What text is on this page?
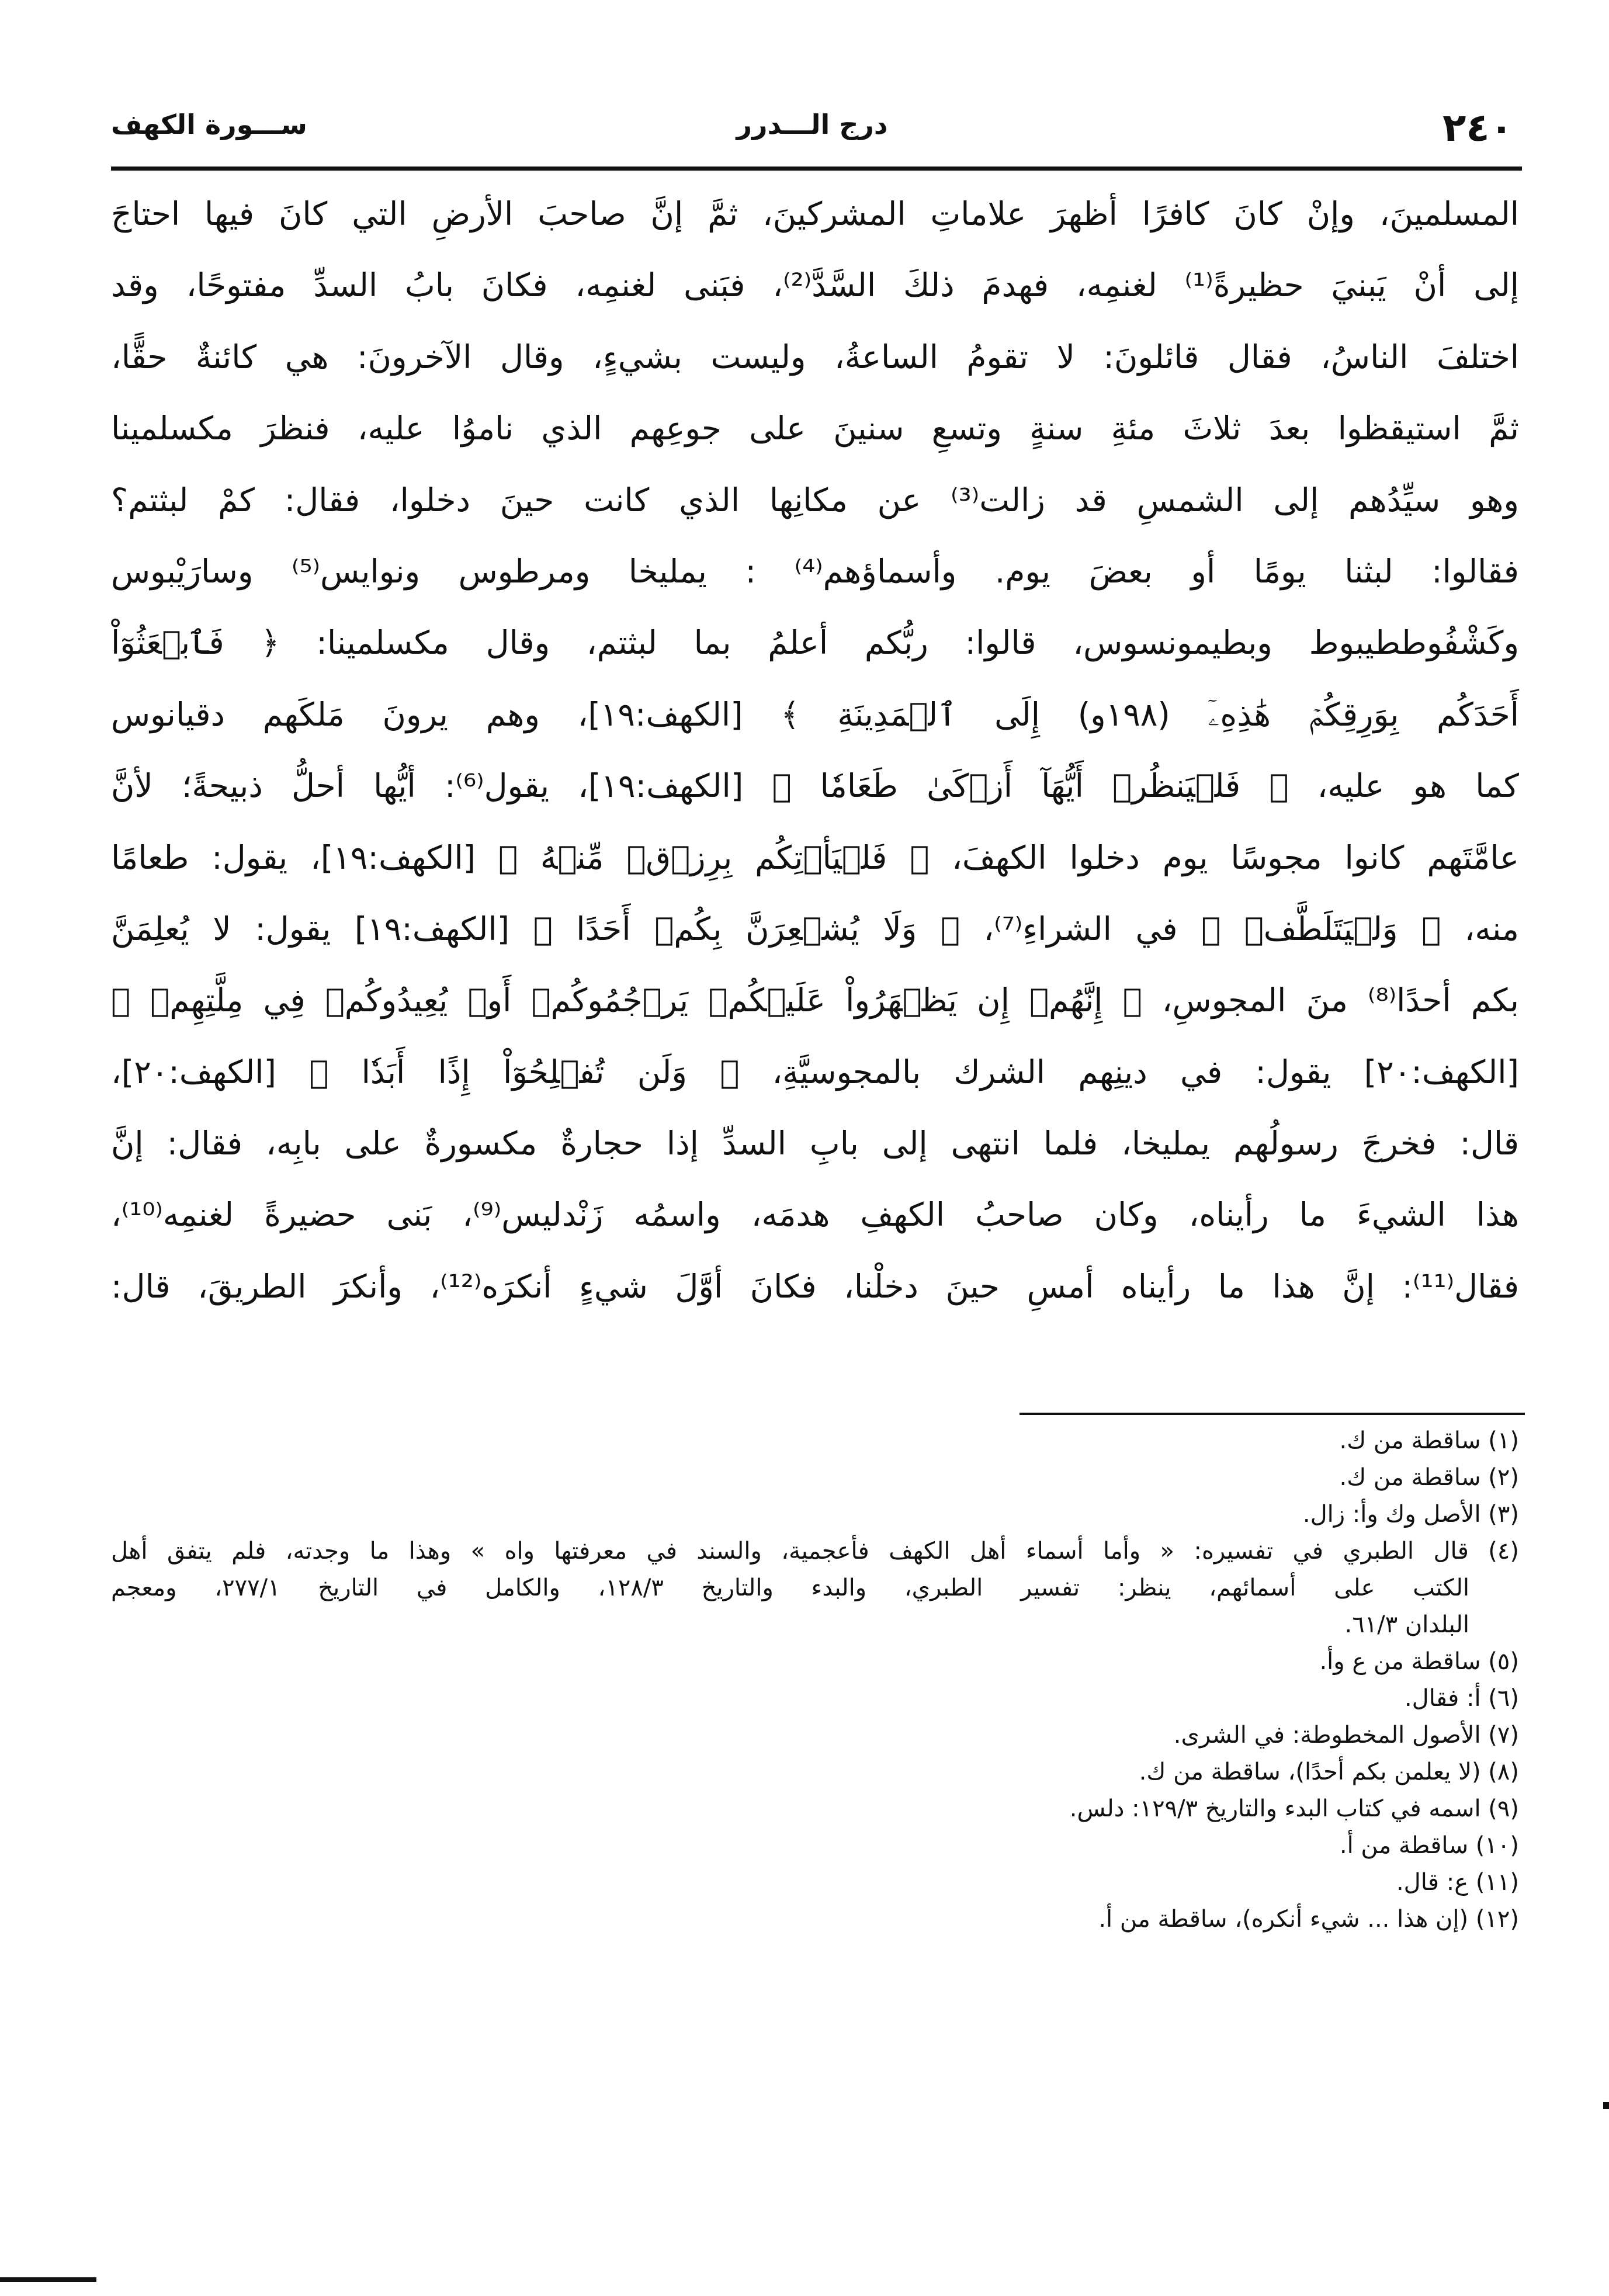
٢٤٠
درج الـــدرر
ســـورة الكهف
المسلمينَ، وإنْ كانَ كافرًا أظهرَ علاماتِ المشركينَ، ثمَّ إنَّ صاحبَ الأرضِ التي كانَ فيها احتاجَ
إلى أنْ يَبنيَ حظيرةً⁽¹⁾ لغنمِه، فهدمَ ذلكَ السَّدَّ⁽²⁾، فبَنى لغنمِه، فكانَ بابُ السدِّ مفتوحًا، وقد
اختلفَ الناسُ، فقال قائلونَ: لا تقومُ الساعةُ، وليست بشيءٍ، وقال الآخرونَ: هي كائنةٌ حقًّا،
ثمَّ استيقظوا بعدَ ثلاثَ مئةِ سنةٍ وتسعِ سنينَ على جوعِهم الذي ناموُا عليه، فنظرَ مكسلمينا
وهو سيِّدُهم إلى الشمسِ قد زالت⁽³⁾ عن مكانِها الذي كانت حينَ دخلوا، فقال: كمْ لبثتم؟
فقالوا: لبثنا يومًا أو بعضَ يوم. وأسماؤهم⁽⁴⁾ : يمليخا ومرطوس ونوايس⁽⁵⁾ وسارَيْبوس
وكَشْفُوططيبوط وبطيمونسوس، قالوا: ربُّكم أعلمُ بما لبثتم، وقال مكسلمينا: ﴿ فَٱبۡعَثُوٓاْ
أَحَدَكُم بِوَرِقِكُمۡ هَٰذِهِۦٓ (١٩٨و) إِلَى ٱلۡمَدِينَةِ ﴾ [الكهف:١٩]، وهم يرونَ مَلكَهم دقيانوس
كما هو عليه، ﴿ فَلۡيَنظُرۡ أَيُّهَآ أَزۡكَىٰ طَعَامٗا ﴾ [الكهف:١٩]، يقول⁽⁶⁾: أيُّها أحلُّ ذبيحةً؛ لأنَّ
عامَّتَهم كانوا مجوسًا يوم دخلوا الكهفَ، ﴿ فَلۡيَأۡتِكُم بِرِزۡقٖ مِّنۡهُ ﴾ [الكهف:١٩]، يقول: طعامًا
منه، ﴿ وَلۡيَتَلَطَّفۡ ﴾ في الشراءِ⁽⁷⁾، ﴿ وَلَا يُشۡعِرَنَّ بِكُمۡ أَحَدًا ﴾ [الكهف:١٩] يقول: لا يُعلِمَنَّ
بكم أحدًا⁽⁸⁾ منَ المجوسِ، ﴿ إِنَّهُمۡ إِن يَظۡهَرُواْ عَلَيۡكُمۡ يَرۡجُمُوكُمۡ أَوۡ يُعِيدُوكُمۡ فِي مِلَّتِهِمۡ ﴾
[الكهف:٢٠] يقول: في دينِهم الشرك بالمجوسيَّةِ، ﴿ وَلَن تُفۡلِحُوٓاْ إِذًا أَبَدٗا ﴾ [الكهف:٢٠]،
قال: فخرجَ رسولُهم يمليخا، فلما انتهى إلى بابِ السدِّ إذا حجارةٌ مكسورةٌ على بابِه، فقال: إنَّ
هذا الشيءَ ما رأيناه، وكان صاحبُ الكهفِ هدمَه، واسمُه زَنْدليس⁽⁹⁾، بَنى حضيرةً لغنمِه⁽¹⁰⁾،
فقال⁽¹¹⁾: إنَّ هذا ما رأيناه أمسِ حينَ دخلْنا، فكانَ أوَّلَ شيءٍ أنكرَه⁽¹²⁾، وأنكرَ الطريقَ، قال:
(١) ساقطة من ك.
(٢) ساقطة من ك.
(٣) الأصل وك وأ: زال.
(٤) قال الطبري في تفسيره: « وأما أسماء أهل الكهف فأعجمية، والسند في معرفتها واه » وهذا ما وجدته، فلم يتفق أهل
الكتب على أسمائهم، ينظر: تفسير الطبري، والبدء والتاريخ ١٢٨/٣، والكامل في التاريخ ٢٧٧/١، ومعجم
البلدان ٦١/٣.
(٥) ساقطة من ع وأ.
(٦) أ: فقال.
(٧) الأصول المخطوطة: في الشرى.
(٨) (لا يعلمن بكم أحدًا)، ساقطة من ك.
(٩) اسمه في كتاب البدء والتاريخ ١٢٩/٣: دلس.
(١٠) ساقطة من أ.
(١١) ع: قال.
(١٢) (إن هذا ... شيء أنكره)، ساقطة من أ.
